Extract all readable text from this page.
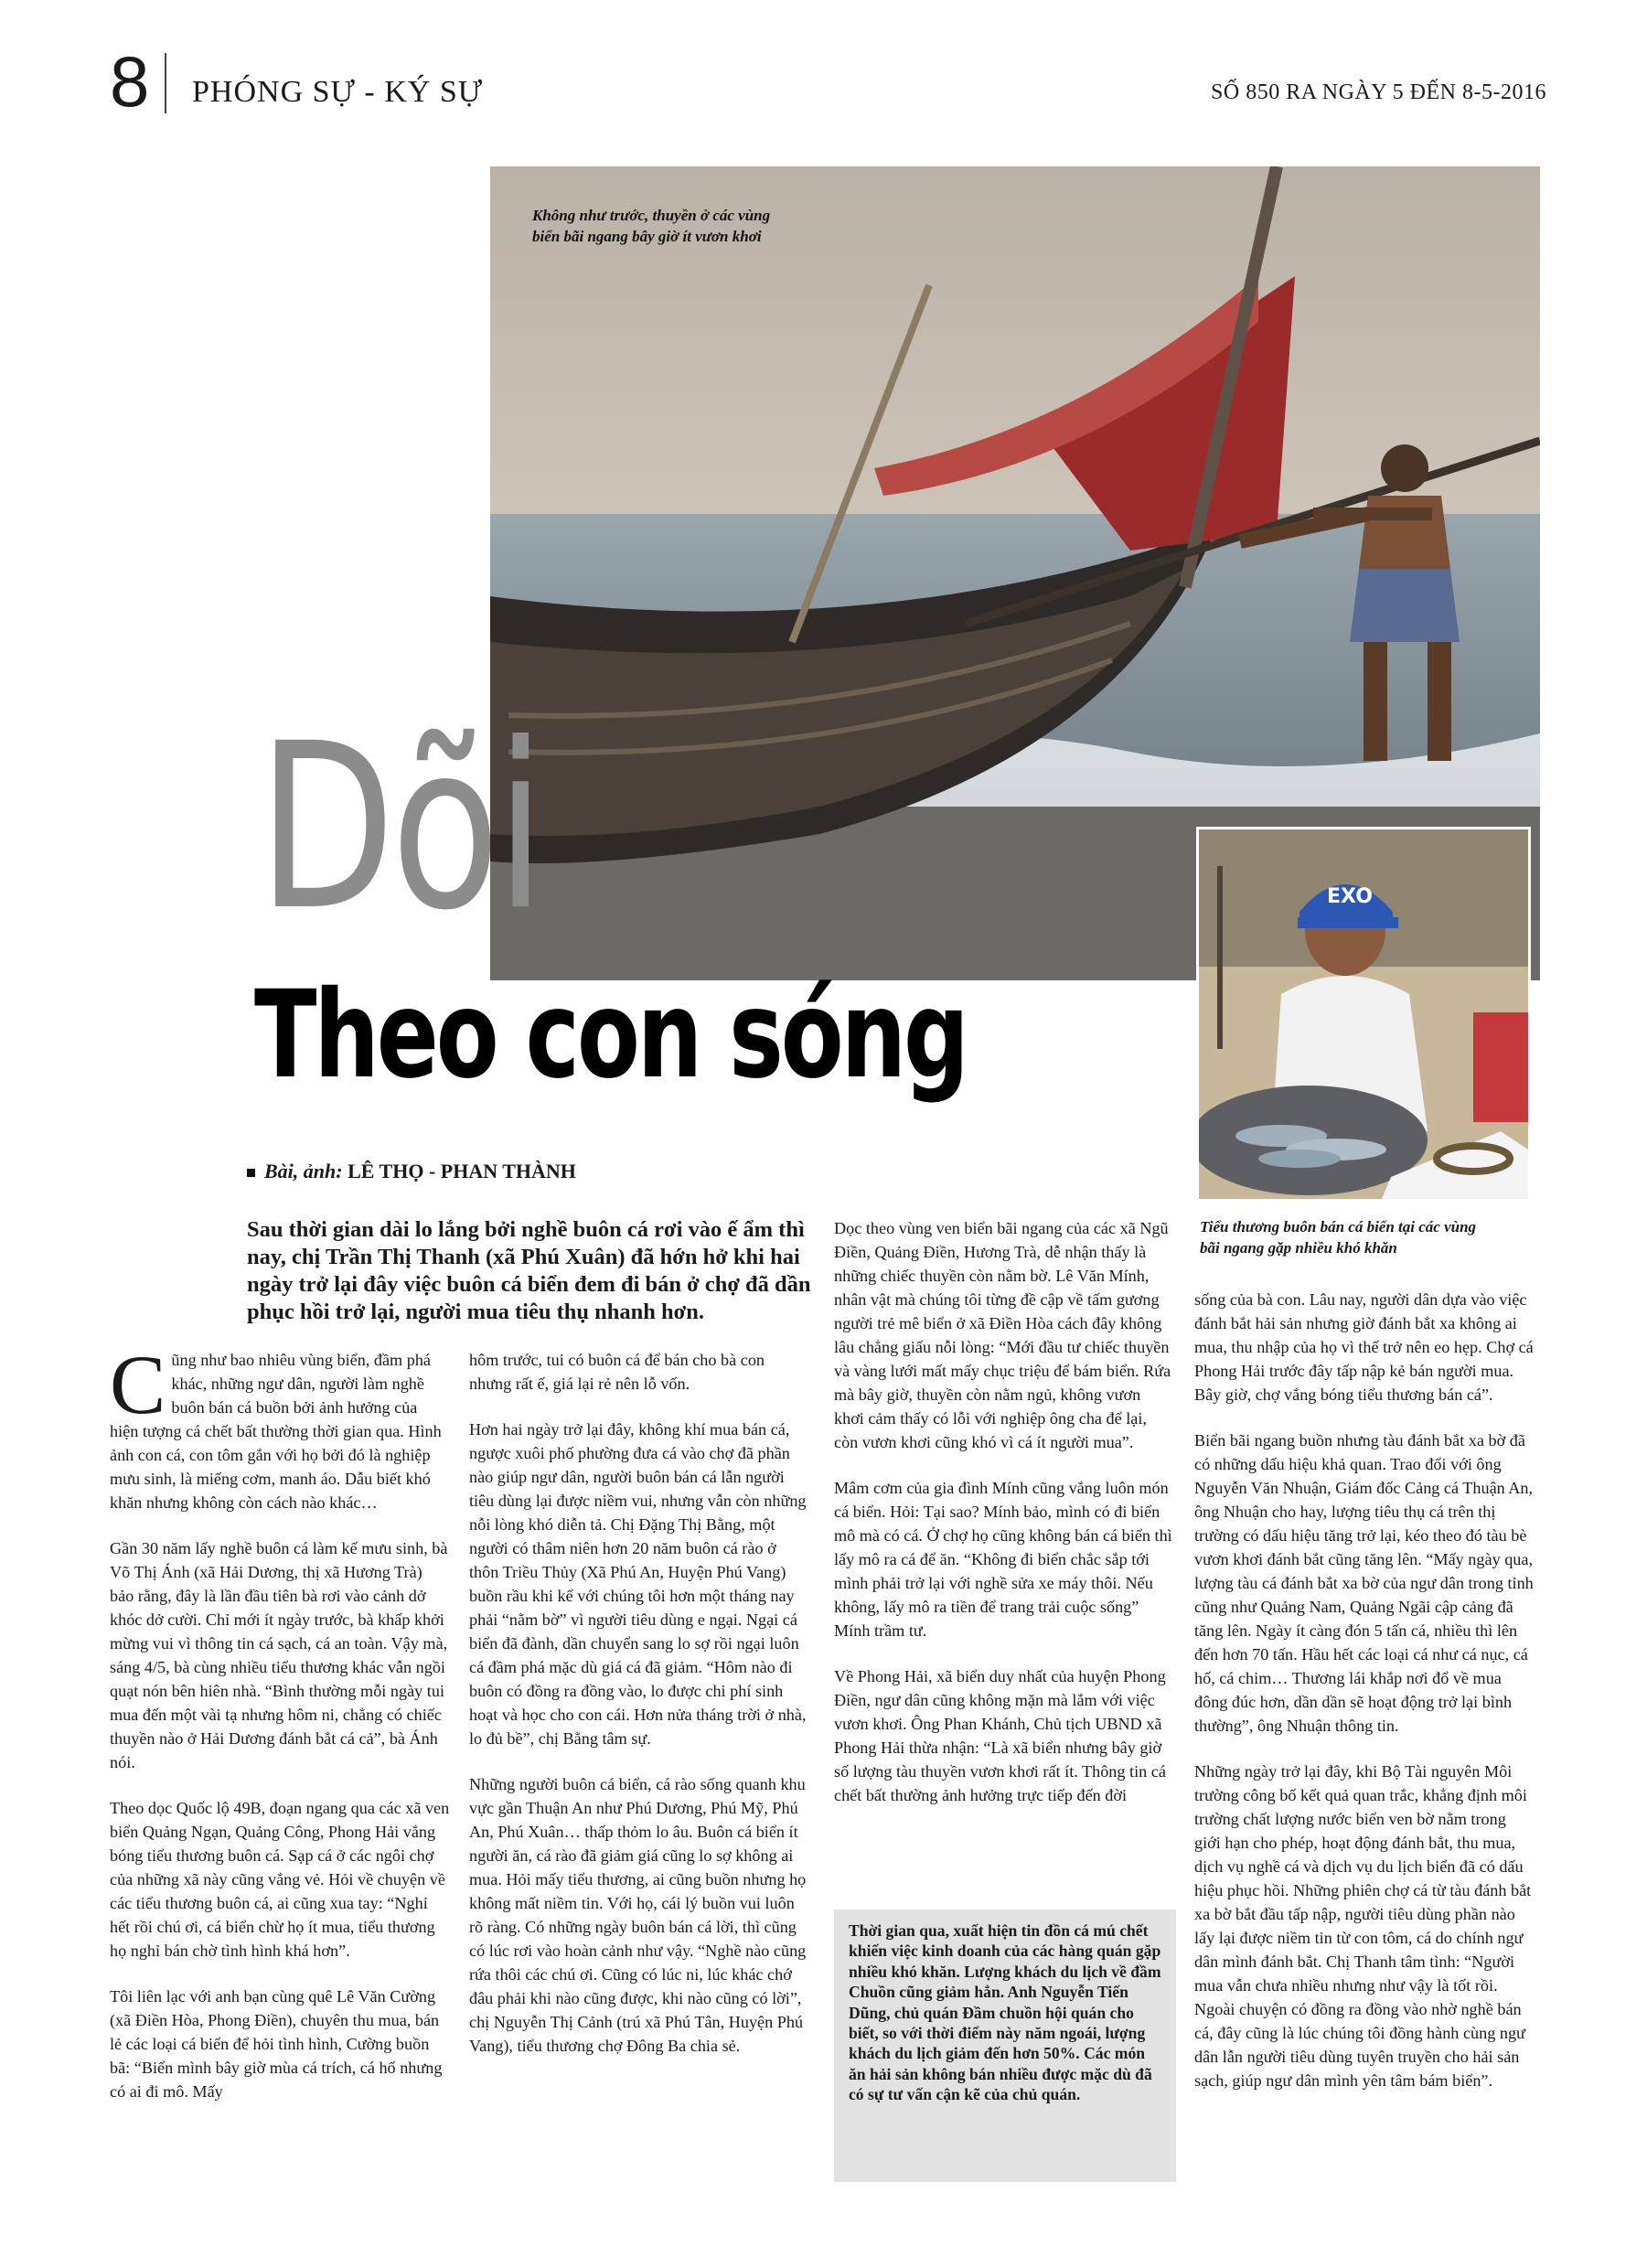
8 PHÓNG SỰ - KÝ SỰ	SỐ 850 RA NGÀY 5 ĐẾN 8-5-2016
Không như trước, thuyền ở các vùng
biển bãi ngang bây giờ ít vươn khơi
EXO
Tiểu thương buôn bán cá biển tại các vùng
bãi ngang gặp nhiều khó khăn
Dõi
Theo con sóng
Bài, ảnh: LÊ THỌ - PHAN THÀNH
Sau thời gian dài lo lắng bởi nghề buôn cá rơi vào ế ẩm thì nay, chị Trần Thị Thanh (xã Phú Xuân) đã hớn hở khi hai ngày trở lại đây việc buôn cá biển đem đi bán ở chợ đã dần phục hồi trở lại, người mua tiêu thụ nhanh hơn.

Cũng như bao nhiêu vùng biển, đầm phá khác, những ngư dân, người làm nghề buôn bán cá buồn bởi ảnh hưởng của hiện tượng cá chết bất thường thời gian qua. Hình ảnh con cá, con tôm gắn với họ bởi đó là nghiệp mưu sinh, là miếng cơm, manh áo. Dẫu biết khó khăn nhưng không còn cách nào khác…

Gần 30 năm lấy nghề buôn cá làm kế mưu sinh, bà Võ Thị Ánh (xã Hải Dương, thị xã Hương Trà) bảo rằng, đây là lần đầu tiên bà rơi vào cảnh dở khóc dở cười. Chỉ mới ít ngày trước, bà khấp khởi mừng vui vì thông tin cá sạch, cá an toàn. Vậy mà, sáng 4/5, bà cùng nhiều tiểu thương khác vẫn ngồi quạt nón bên hiên nhà. “Bình thường mỗi ngày tui mua đến một vài tạ nhưng hôm ni, chẳng có chiếc thuyền nào ở Hải Dương đánh bắt cá cả”, bà Ánh nói.

Theo dọc Quốc lộ 49B, đoạn ngang qua các xã ven biển Quảng Ngạn, Quảng Công, Phong Hải vắng bóng tiểu thương buôn cá. Sạp cá ở các ngôi chợ của những xã này cũng vắng vẻ. Hỏi về chuyện về các tiểu thương buôn cá, ai cũng xua tay: “Nghỉ hết rồi chú ơi, cá biển chừ họ ít mua, tiểu thương họ nghỉ bán chờ tình hình khá hơn”.

Tôi liên lạc với anh bạn cùng quê Lê Văn Cường (xã Điền Hòa, Phong Điền), chuyên thu mua, bán lẻ các loại cá biển để hỏi tình hình, Cường buồn bã: “Biển mình bây giờ mùa cá trích, cá hố nhưng có ai đi mô. Mấy

hôm trước, tui có buôn cá để bán cho bà con nhưng rất ế, giá lại rẻ nên lỗ vốn.

Hơn hai ngày trở lại đây, không khí mua bán cá, ngược xuôi phố phường đưa cá vào chợ đã phần nào giúp ngư dân, người buôn bán cá lẫn người tiêu dùng lại được niềm vui, nhưng vẫn còn những nỗi lòng khó diễn tả. Chị Đặng Thị Bằng, một người có thâm niên hơn 20 năm buôn cá rào ở thôn Triều Thủy (Xã Phú An, Huyện Phú Vang) buồn rầu khi kể với chúng tôi hơn một tháng nay phải “nằm bờ” vì người tiêu dùng e ngại. Ngại cá biển đã đành, dần chuyển sang lo sợ rồi ngại luôn cá đầm phá mặc dù giá cá đã giảm. “Hôm nào đi buôn có đồng ra đồng vào, lo được chi phí sinh hoạt và học cho con cái. Hơn nửa tháng trời ở nhà, lo đủ bề”, chị Bằng tâm sự.

Những người buôn cá biển, cá rào sống quanh khu vực gần Thuận An như Phú Dương, Phú Mỹ, Phú An, Phú Xuân… thấp thỏm lo âu. Buôn cá biển ít người ăn, cá rào đã giảm giá cũng lo sợ không ai mua. Hỏi mấy tiểu thương, ai cũng buồn nhưng họ không mất niềm tin. Với họ, cái lý buồn vui luôn rõ ràng. Có những ngày buôn bán cá lời, thì cũng có lúc rơi vào hoàn cảnh như vậy. “Nghề nào cũng rứa thôi các chú ơi. Cũng có lúc ni, lúc khác chớ đâu phải khi nào cũng được, khi nào cũng có lời”, chị Nguyễn Thị Cảnh (trú xã Phú Tân, Huyện Phú Vang), tiểu thương chợ Đông Ba chia sẻ.

Dọc theo vùng ven biển bãi ngang của các xã Ngũ Điền, Quảng Điền, Hương Trà, dễ nhận thấy là những chiếc thuyền còn nằm bờ. Lê Văn Mính, nhân vật mà chúng tôi từng đề cập về tấm gương người trẻ mê biển ở xã Điền Hòa cách đây không lâu chẳng giấu nỗi lòng: “Mới đầu tư chiếc thuyền và vàng lưới mất mấy chục triệu để bám biển. Rứa mà bây giờ, thuyền còn nằm ngủ, không vươn khơi cảm thấy có lỗi với nghiệp ông cha để lại, còn vươn khơi cũng khó vì cá ít người mua”.

Mâm cơm của gia đình Mính cũng vắng luôn món cá biển. Hỏi: Tại sao? Mính bảo, mình có đi biển mô mà có cá. Ở chợ họ cũng không bán cá biển thì lấy mô ra cá để ăn. “Không đi biển chắc sắp tới mình phải trở lại với nghề sửa xe máy thôi. Nếu không, lấy mô ra tiền để trang trải cuộc sống” Mính trầm tư.

Về Phong Hải, xã biển duy nhất của huyện Phong Điền, ngư dân cũng không mặn mà lắm với việc vươn khơi. Ông Phan Khánh, Chủ tịch UBND xã Phong Hải thừa nhận: “Là xã biển nhưng bây giờ số lượng tàu thuyền vươn khơi rất ít. Thông tin cá chết bất thường ảnh hưởng trực tiếp đến đời

Thời gian qua, xuất hiện tin đồn cá mú chết khiến việc kinh doanh của các hàng quán gặp nhiều khó khăn. Lượng khách du lịch về đầm Chuồn cũng giảm hẳn. Anh Nguyễn Tiến Dũng, chủ quán Đầm chuồn hội quán cho biết, so với thời điểm này năm ngoái, lượng khách du lịch giảm đến hơn 50%. Các món ăn hải sản không bán nhiều được mặc dù đã có sự tư vấn cận kẽ của chủ quán.

sống của bà con. Lâu nay, người dân dựa vào việc đánh bắt hải sản nhưng giờ đánh bắt xa không ai mua, thu nhập của họ vì thế trở nên eo hẹp. Chợ cá Phong Hải trước đây tấp nập kẻ bán người mua. Bây giờ, chợ vắng bóng tiểu thương bán cá”.

Biển bãi ngang buồn nhưng tàu đánh bắt xa bờ đã có những dấu hiệu khả quan. Trao đổi với ông Nguyễn Văn Nhuận, Giám đốc Cảng cá Thuận An, ông Nhuận cho hay, lượng tiêu thụ cá trên thị trường có dấu hiệu tăng trở lại, kéo theo đó tàu bè vươn khơi đánh bắt cũng tăng lên. “Mấy ngày qua, lượng tàu cá đánh bắt xa bờ của ngư dân trong tỉnh cũng như Quảng Nam, Quảng Ngãi cập cảng đã tăng lên. Ngày ít càng đón 5 tấn cá, nhiều thì lên đến hơn 70 tấn. Hầu hết các loại cá như cá nục, cá hố, cá chim… Thương lái khắp nơi đổ về mua đông đúc hơn, dần dần sẽ hoạt động trở lại bình thường”, ông Nhuận thông tin.

Những ngày trở lại đây, khi Bộ Tài nguyên Môi trường công bố kết quả quan trắc, khẳng định môi trường chất lượng nước biển ven bờ nằm trong giới hạn cho phép, hoạt động đánh bắt, thu mua, dịch vụ nghề cá và dịch vụ du lịch biển đã có dấu hiệu phục hồi. Những phiên chợ cá từ tàu đánh bắt xa bờ bắt đầu tấp nập, người tiêu dùng phần nào lấy lại được niềm tin từ con tôm, cá do chính ngư dân mình đánh bắt. Chị Thanh tâm tình: “Người mua vẫn chưa nhiều nhưng như vậy là tốt rồi. Ngoài chuyện có đồng ra đồng vào nhờ nghề bán cá, đây cũng là lúc chúng tôi đồng hành cùng ngư dân lẫn người tiêu dùng tuyên truyền cho hải sản sạch, giúp ngư dân mình yên tâm bám biển”.
